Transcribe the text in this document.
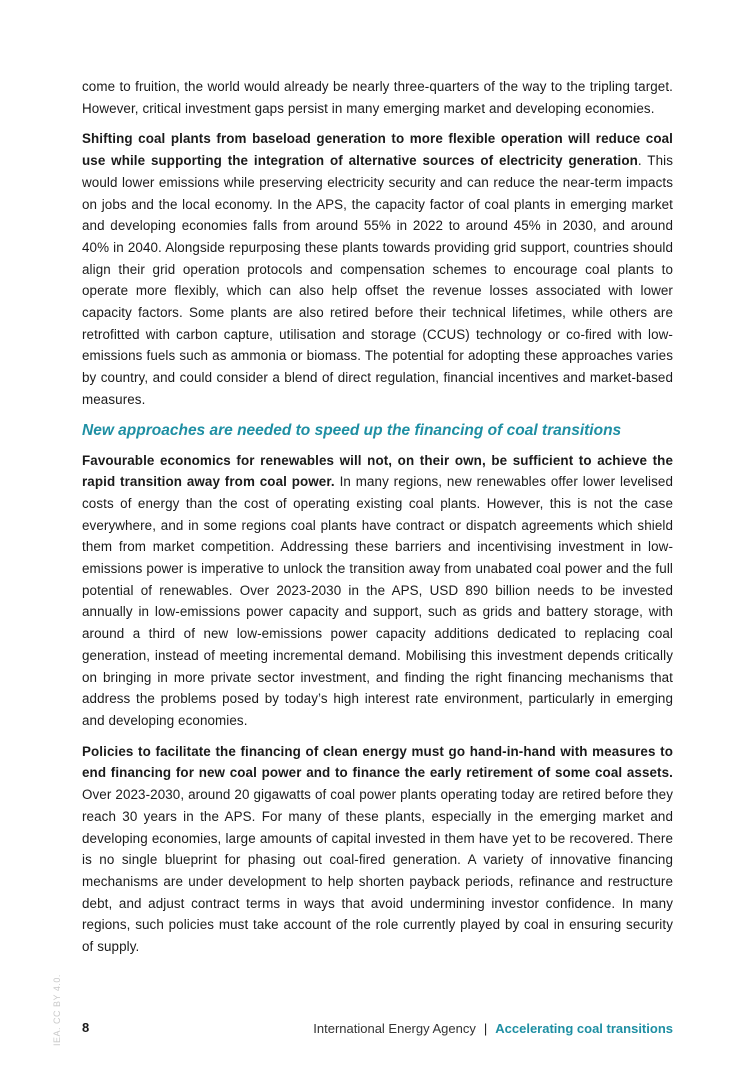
come to fruition, the world would already be nearly three-quarters of the way to the tripling target. However, critical investment gaps persist in many emerging market and developing economies.

Shifting coal plants from baseload generation to more flexible operation will reduce coal use while supporting the integration of alternative sources of electricity generation. This would lower emissions while preserving electricity security and can reduce the near-term impacts on jobs and the local economy. In the APS, the capacity factor of coal plants in emerging market and developing economies falls from around 55% in 2022 to around 45% in 2030, and around 40% in 2040. Alongside repurposing these plants towards providing grid support, countries should align their grid operation protocols and compensation schemes to encourage coal plants to operate more flexibly, which can also help offset the revenue losses associated with lower capacity factors. Some plants are also retired before their technical lifetimes, while others are retrofitted with carbon capture, utilisation and storage (CCUS) technology or co-fired with low-emissions fuels such as ammonia or biomass. The potential for adopting these approaches varies by country, and could consider a blend of direct regulation, financial incentives and market-based measures.

New approaches are needed to speed up the financing of coal transitions

Favourable economics for renewables will not, on their own, be sufficient to achieve the rapid transition away from coal power. In many regions, new renewables offer lower levelised costs of energy than the cost of operating existing coal plants. However, this is not the case everywhere, and in some regions coal plants have contract or dispatch agreements which shield them from market competition. Addressing these barriers and incentivising investment in low-emissions power is imperative to unlock the transition away from unabated coal power and the full potential of renewables. Over 2023-2030 in the APS, USD 890 billion needs to be invested annually in low-emissions power capacity and support, such as grids and battery storage, with around a third of new low-emissions power capacity additions dedicated to replacing coal generation, instead of meeting incremental demand. Mobilising this investment depends critically on bringing in more private sector investment, and finding the right financing mechanisms that address the problems posed by today’s high interest rate environment, particularly in emerging and developing economies.

Policies to facilitate the financing of clean energy must go hand-in-hand with measures to end financing for new coal power and to finance the early retirement of some coal assets. Over 2023-2030, around 20 gigawatts of coal power plants operating today are retired before they reach 30 years in the APS. For many of these plants, especially in the emerging market and developing economies, large amounts of capital invested in them have yet to be recovered. There is no single blueprint for phasing out coal-fired generation. A variety of innovative financing mechanisms are under development to help shorten payback periods, refinance and restructure debt, and adjust contract terms in ways that avoid undermining investor confidence. In many regions, such policies must take account of the role currently played by coal in ensuring security of supply.

IEA. CC BY 4.0. 8	International Energy Agency | Accelerating coal transitions
